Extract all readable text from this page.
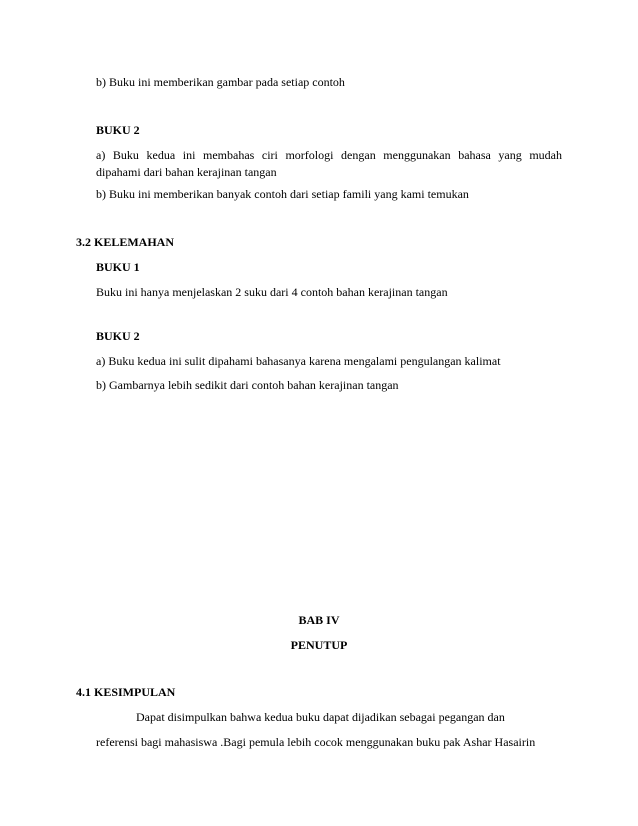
b) Buku ini memberikan gambar pada setiap contoh
BUKU 2
a) Buku kedua ini membahas ciri morfologi dengan menggunakan bahasa yang mudah
dipahami dari bahan kerajinan tangan
b) Buku ini memberikan banyak contoh dari setiap famili yang kami temukan
3.2 KELEMAHAN
BUKU 1
Buku ini hanya menjelaskan 2 suku dari 4 contoh bahan kerajinan tangan
BUKU 2
a) Buku kedua ini sulit dipahami bahasanya karena mengalami pengulangan kalimat
b) Gambarnya lebih sedikit dari contoh bahan kerajinan tangan
BAB IV
PENUTUP
4.1 KESIMPULAN
Dapat disimpulkan bahwa kedua buku dapat dijadikan sebagai pegangan dan
referensi bagi mahasiswa .Bagi pemula lebih cocok menggunakan buku pak Ashar Hasairin
